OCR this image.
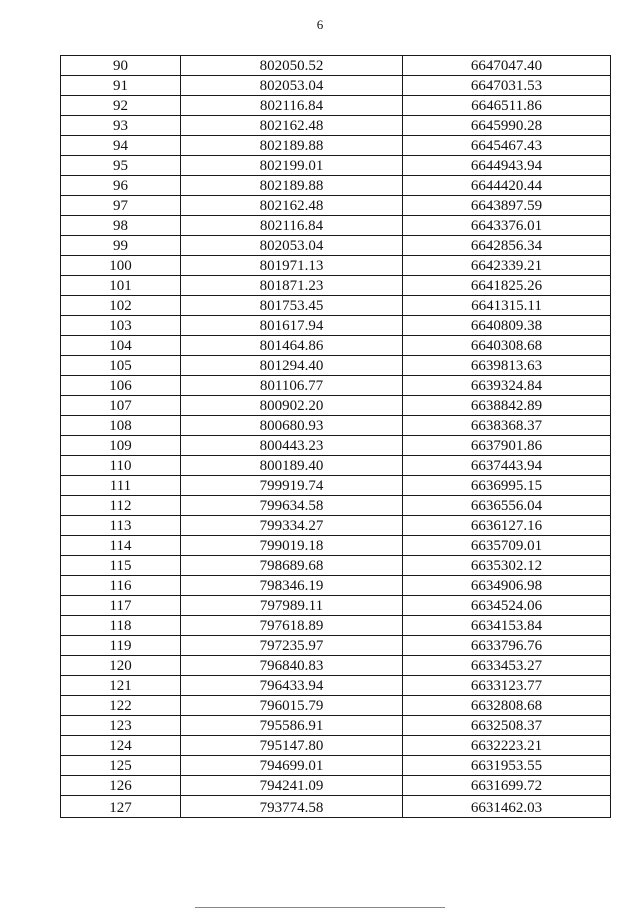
6
90	802050.52	6647047.40
91	802053.04	6647031.53
92	802116.84	6646511.86
93	802162.48	6645990.28
94	802189.88	6645467.43
95	802199.01	6644943.94
96	802189.88	6644420.44
97	802162.48	6643897.59
98	802116.84	6643376.01
99	802053.04	6642856.34
100	801971.13	6642339.21
101	801871.23	6641825.26
102	801753.45	6641315.11
103	801617.94	6640809.38
104	801464.86	6640308.68
105	801294.40	6639813.63
106	801106.77	6639324.84
107	800902.20	6638842.89
108	800680.93	6638368.37
109	800443.23	6637901.86
110	800189.40	6637443.94
111	799919.74	6636995.15
112	799634.58	6636556.04
113	799334.27	6636127.16
114	799019.18	6635709.01
115	798689.68	6635302.12
116	798346.19	6634906.98
117	797989.11	6634524.06
118	797618.89	6634153.84
119	797235.97	6633796.76
120	796840.83	6633453.27
121	796433.94	6633123.77
122	796015.79	6632808.68
123	795586.91	6632508.37
124	795147.80	6632223.21
125	794699.01	6631953.55
126	794241.09	6631699.72
127	793774.58	6631462.03
